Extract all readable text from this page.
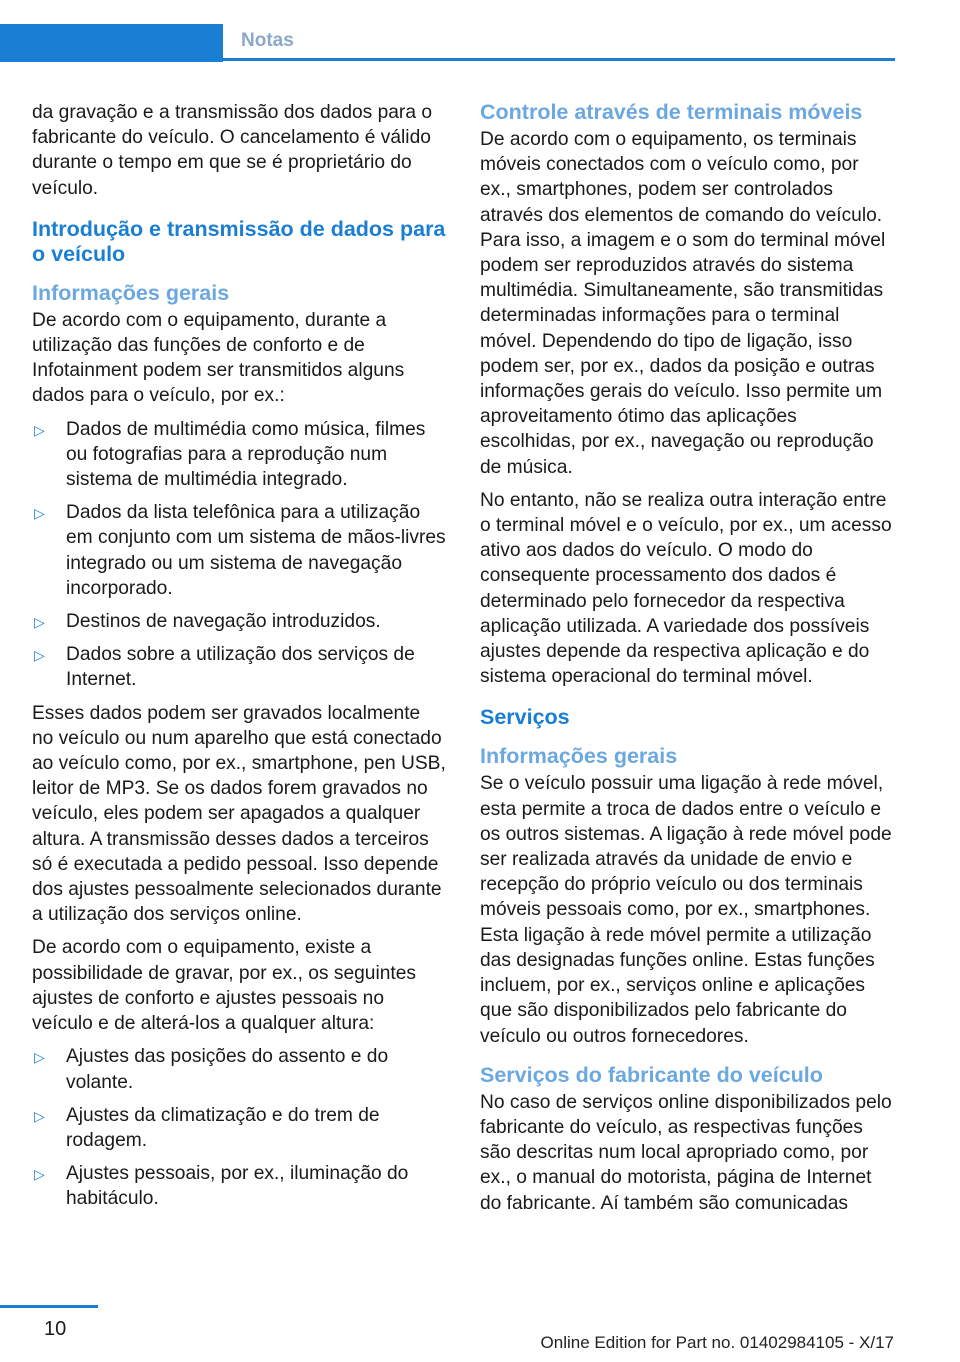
Notas

da gravação e a transmissão dos dados para o fabricante do veículo. O cancelamento é válido durante o tempo em que se é proprietário do veículo.

Introdução e transmissão de dados para o veículo
Informações gerais

De acordo com o equipamento, durante a utilização das funções de conforto e de Infotainment podem ser transmitidos alguns dados para o veículo, por ex.:

▷ Dados de multimédia como música, filmes ou fotografias para a reprodução num sistema de multimédia integrado.
▷ Dados da lista telefônica para a utilização em conjunto com um sistema de mãos-livres integrado ou um sistema de navegação incorporado.
▷ Destinos de navegação introduzidos.
▷ Dados sobre a utilização dos serviços de Internet.

Esses dados podem ser gravados localmente no veículo ou num aparelho que está conectado ao veículo como, por ex., smartphone, pen USB, leitor de MP3. Se os dados forem gravados no veículo, eles podem ser apagados a qualquer altura. A transmissão desses dados a terceiros só é executada a pedido pessoal. Isso depende dos ajustes pessoalmente selecionados durante a utilização dos serviços online.

De acordo com o equipamento, existe a possibilidade de gravar, por ex., os seguintes ajustes de conforto e ajustes pessoais no veículo e de alterá-los a qualquer altura:

▷ Ajustes das posições do assento e do volante.
▷ Ajustes da climatização e do trem de rodagem.
▷ Ajustes pessoais, por ex., iluminação do habitáculo.
Controle através de terminais móveis

De acordo com o equipamento, os terminais móveis conectados com o veículo como, por ex., smartphones, podem ser controlados através dos elementos de comando do veículo. Para isso, a imagem e o som do terminal móvel podem ser reproduzidos através do sistema multimédia. Simultaneamente, são transmitidas determinadas informações para o terminal móvel. Dependendo do tipo de ligação, isso podem ser, por ex., dados da posição e outras informações gerais do veículo. Isso permite um aproveitamento ótimo das aplicações escolhidas, por ex., navegação ou reprodução de música.

No entanto, não se realiza outra interação entre o terminal móvel e o veículo, por ex., um acesso ativo aos dados do veículo. O modo do consequente processamento dos dados é determinado pelo fornecedor da respectiva aplicação utilizada. A variedade dos possíveis ajustes depende da respectiva aplicação e do sistema operacional do terminal móvel.

Serviços
Informações gerais

Se o veículo possuir uma ligação à rede móvel, esta permite a troca de dados entre o veículo e os outros sistemas. A ligação à rede móvel pode ser realizada através da unidade de envio e recepção do próprio veículo ou dos terminais móveis pessoais como, por ex., smartphones. Esta ligação à rede móvel permite a utilização das designadas funções online. Estas funções incluem, por ex., serviços online e aplicações que são disponibilizados pelo fabricante do veículo ou outros fornecedores.

Serviços do fabricante do veículo

No caso de serviços online disponibilizados pelo fabricante do veículo, as respectivas funções são descritas num local apropriado como, por ex., o manual do motorista, página de Internet do fabricante. Aí também são comunicadas

10
Online Edition for Part no. 01402984105 - X/17
